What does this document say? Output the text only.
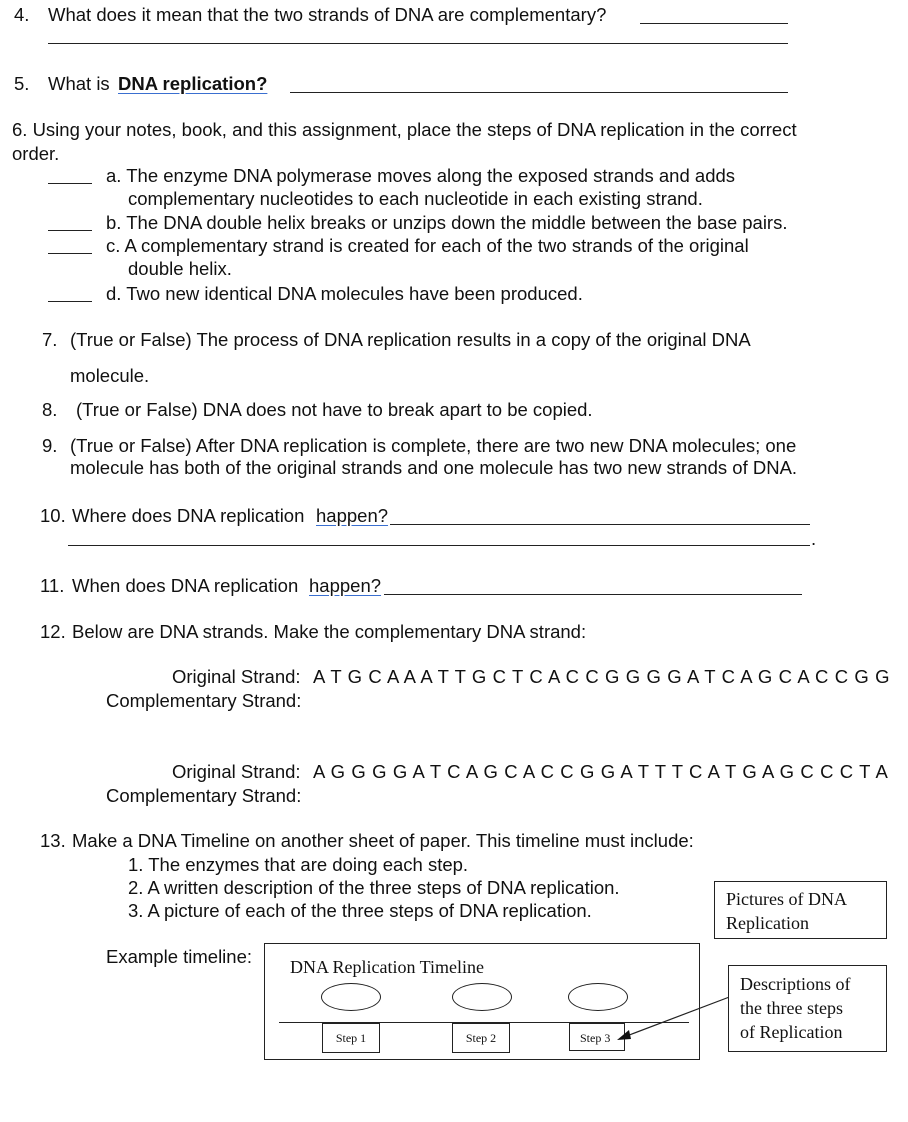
4. What does it mean that the two strands of DNA are complementary?
5. What is DNA replication?
6. Using your notes, book, and this assignment, place the steps of DNA replication in the correct
order.
a. The enzyme DNA polymerase moves along the exposed strands and adds
complementary nucleotides to each nucleotide in each existing strand.
b. The DNA double helix breaks or unzips down the middle between the base pairs.
c. A complementary strand is created for each of the two strands of the original
double helix.
d. Two new identical DNA molecules have been produced.
7. (True or False) The process of DNA replication results in a copy of the original DNA
molecule.
8. (True or False) DNA does not have to break apart to be copied.
9. (True or False) After DNA replication is complete, there are two new DNA molecules; one
molecule has both of the original strands and one molecule has two new strands of DNA.
10. Where does DNA replication happen?
.
11. When does DNA replication happen?
12. Below are DNA strands. Make the complementary DNA strand:
Original Strand: A T G C A A A T T G C T C A C C G G G G A T C A G C A C C G G
Complementary Strand:
Original Strand: A G G G G A T C A G C A C C G G A T T T C A T G A G C C C T A
Complementary Strand:
13. Make a DNA Timeline on another sheet of paper. This timeline must include:
1. The enzymes that are doing each step.
2. A written description of the three steps of DNA replication.
3. A picture of each of the three steps of DNA replication.
Example timeline:
Pictures of DNA
Replication
DNA Replication Timeline
Step 1	Step 2	Step 3
Descriptions of
the three steps
of Replication
